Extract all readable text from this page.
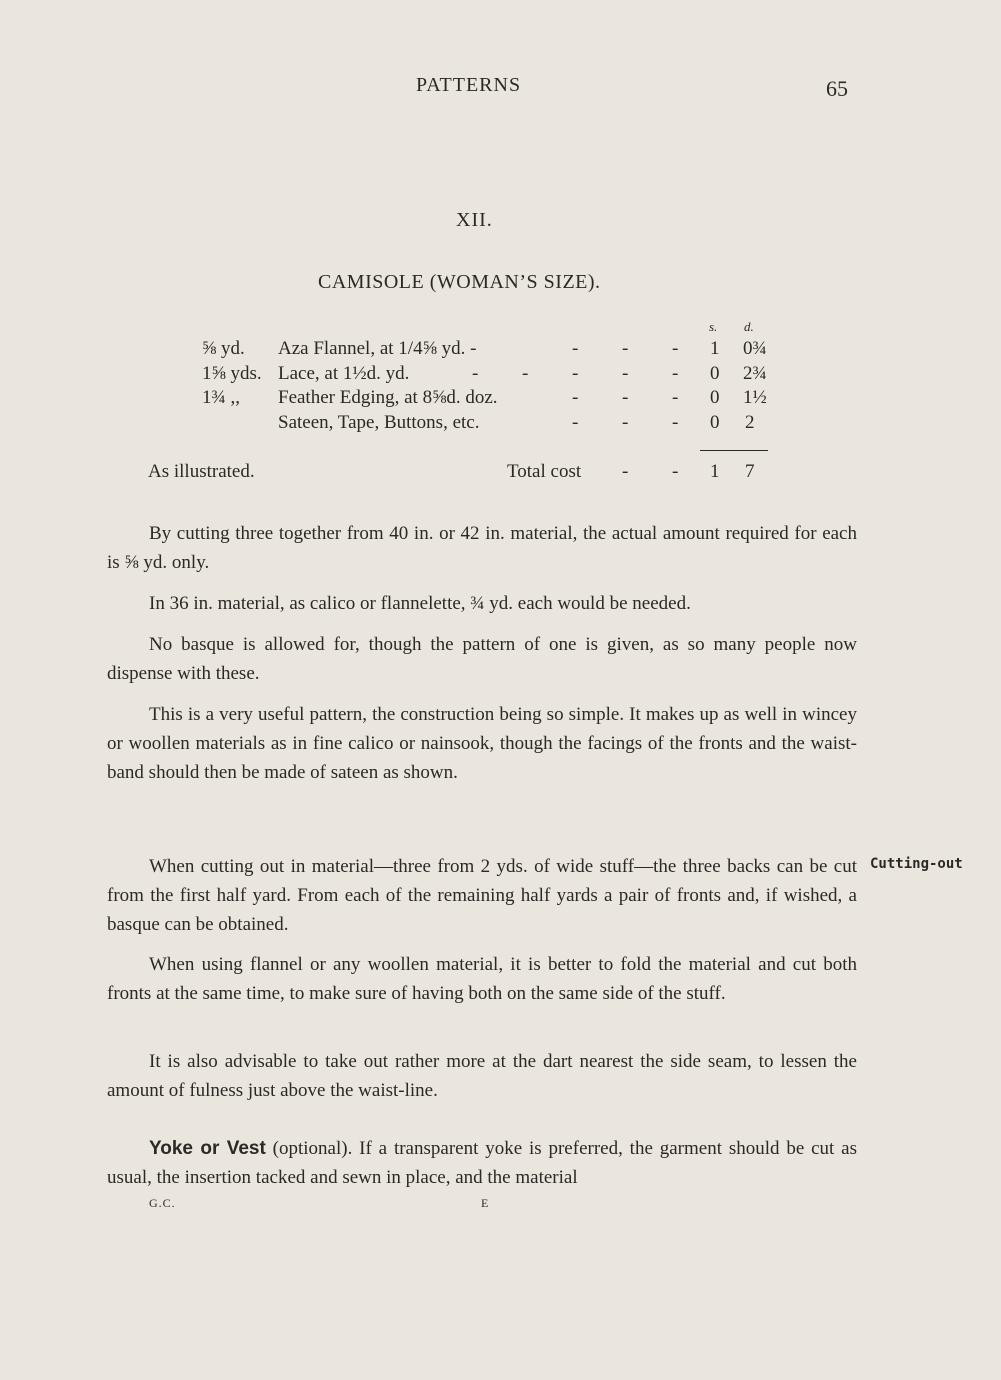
PATTERNS	65
XII.
CAMISOLE (WOMAN’S SIZE).
s. d.
⅝ yd. Aza Flannel, at 1/4⅝ yd. -	- - - 1 0¾
1⅝ yds. Lace, at 1½d. yd.	- - - - - 0 2¾
1¾ ,, Feather Edging, at 8⅝d. doz.	- - - 0 1½
Sateen, Tape, Buttons, etc.	- - - 0 2
As illustrated.	Total cost - - 1 7

By cutting three together from 40 in. or 42 in. material, the actual amount required for each is ⅝ yd. only.

In 36 in. material, as calico or flannelette, ¾ yd. each would be needed.

No basque is allowed for, though the pattern of one is given, as so many people now dispense with these.

This is a very useful pattern, the construction being so simple. It makes up as well in wincey or woollen materials as in fine calico or nainsook, though the facings of the fronts and the waist-band should then be made of sateen as shown.

Cutting-out

When cutting out in material—three from 2 yds. of wide stuff—the three backs can be cut from the first half yard. From each of the remaining half yards a pair of fronts and, if wished, a basque can be obtained.

When using flannel or any woollen material, it is better to fold the material and cut both fronts at the same time, to make sure of having both on the same side of the stuff.

It is also advisable to take out rather more at the dart nearest the side seam, to lessen the amount of fulness just above the waist-line.

Yoke or Vest (optional). If a transparent yoke is preferred, the garment should be cut as usual, the insertion tacked and sewn in place, and the material

G.C.	E
